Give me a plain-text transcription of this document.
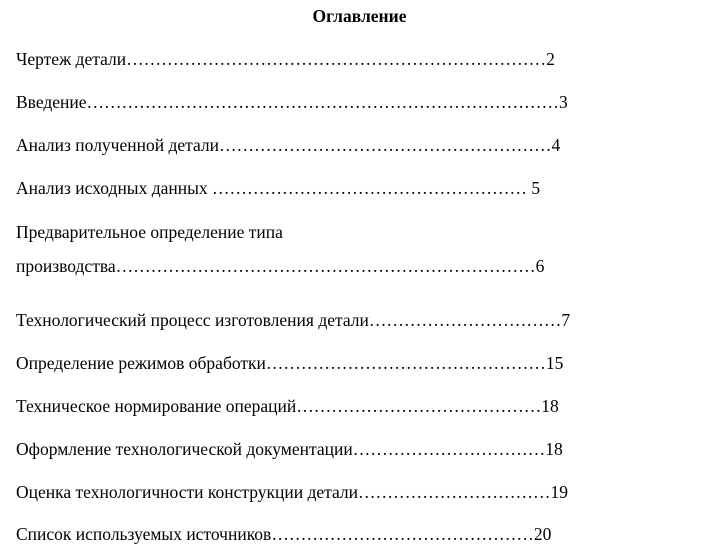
Оглавление
Чертеж детали………………………………………………………………2
Введение………………………………………………………………………3
Анализ полученной детали…………………………………………………4
Анализ исходных данных ……………………………………………… 5
Предварительное определение типа
производства………………………………………………………………6
Технологический процесс изготовления детали……………………………7
Определение режимов обработки…………………………………………15
Техническое нормирование операций……………………………………18
Оформление технологической документации……………………………18
Оценка технологичности конструкции детали……………………………19
Список используемых источников………………………………………20
